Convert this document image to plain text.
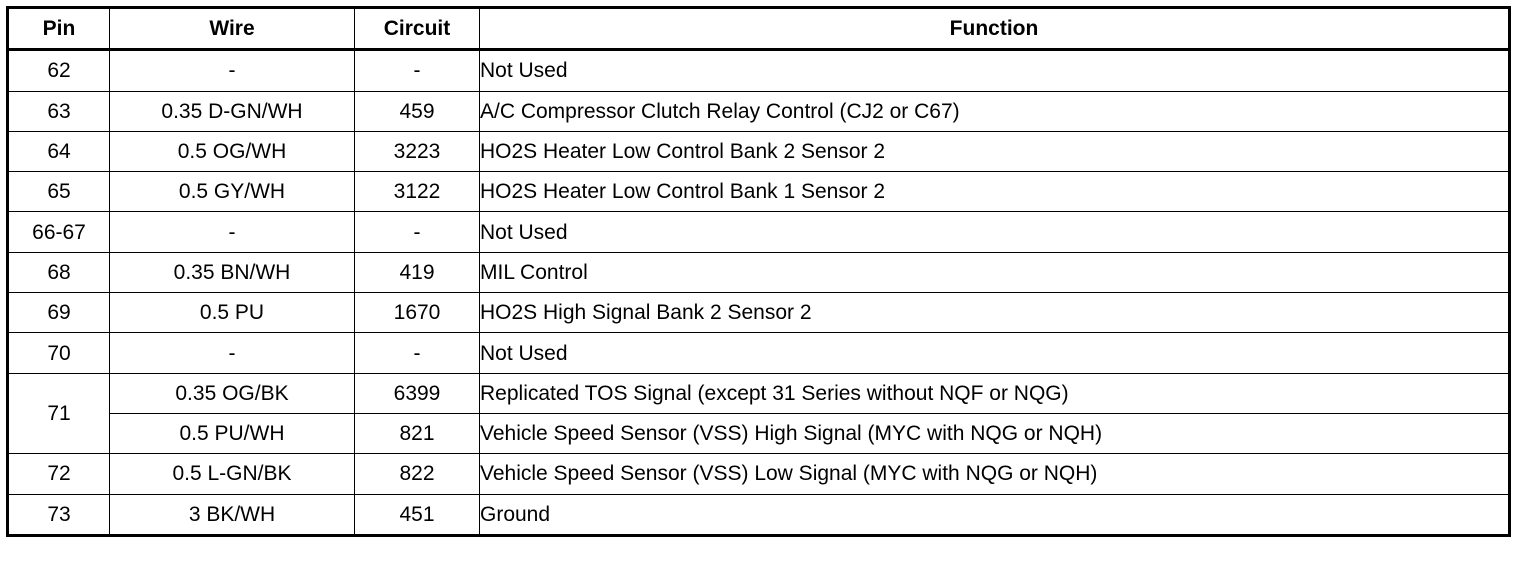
Pin	Wire	Circuit	Function
62	-	-	Not Used
63	0.35 D-GN/WH	459	A/C Compressor Clutch Relay Control (CJ2 or C67)
64	0.5 OG/WH	3223	HO2S Heater Low Control Bank 2 Sensor 2
65	0.5 GY/WH	3122	HO2S Heater Low Control Bank 1 Sensor 2
66-67	-	-	Not Used
68	0.35 BN/WH	419	MIL Control
69	0.5 PU	1670	HO2S High Signal Bank 2 Sensor 2
70	-	-	Not Used
71	0.35 OG/BK	6399	Replicated TOS Signal (except 31 Series without NQF or NQG)
	0.5 PU/WH	821	Vehicle Speed Sensor (VSS) High Signal (MYC with NQG or NQH)
72	0.5 L-GN/BK	822	Vehicle Speed Sensor (VSS) Low Signal (MYC with NQG or NQH)
73	3 BK/WH	451	Ground
